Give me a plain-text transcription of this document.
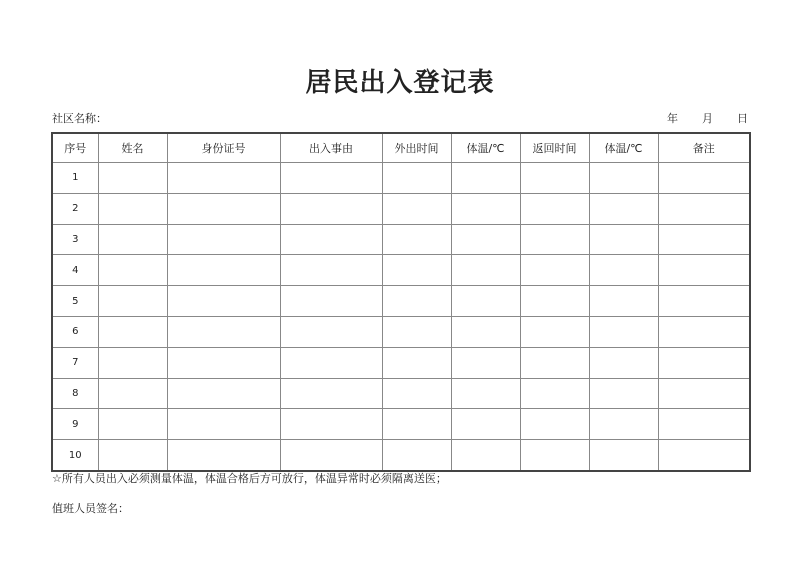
居民出入登记表
社区名称：	年 月 日
序号	姓名	身份证号	出入事由	外出时间	体温/℃	返回时间	体温/℃	备注
1								
2								
3								
4								
5								
6								
7								
8								
9								
10								
☆所有人员出入必须测量体温，体温合格后方可放行，体温异常时必须隔离送医；
值班人员签名：
